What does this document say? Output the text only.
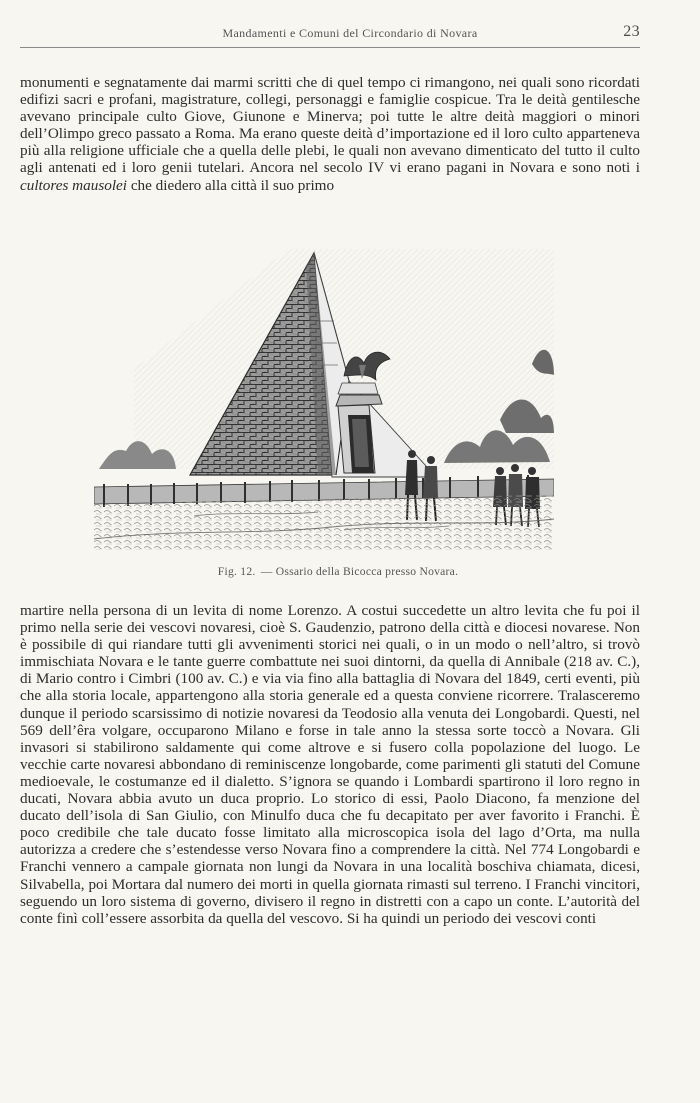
Mandamenti e Comuni del Circondario di Novara	23
monumenti e segnatamente dai marmi scritti che di quel tempo ci rimangono, nei quali sono ricordati edifizi sacri e profani, magistrature, collegi, personaggi e famiglie cospicue. Tra le deità gentilesche avevano principale culto Giove, Giunone e Minerva; poi tutte le altre deità maggiori o minori dell’Olimpo greco passato a Roma. Ma erano queste deità d’importazione ed il loro culto apparteneva più alla religione ufficiale che a quella delle plebi, le quali non avevano dimenticato del tutto il culto agli antenati ed i loro genii tutelari. Ancora nel secolo IV vi erano pagani in Novara e sono noti i cultores mausolei che diedero alla città il suo primo
Fig. 12. — Ossario della Bicocca presso Novara.
martire nella persona di un levita di nome Lorenzo. A costui succedette un altro levita che fu poi il primo nella serie dei vescovi novaresi, cioè S. Gaudenzio, patrono della città e diocesi novarese. Non è possibile di qui riandare tutti gli avvenimenti storici nei quali, o in un modo o nell’altro, si trovò immischiata Novara e le tante guerre combattute nei suoi dintorni, da quella di Annibale (218 av. C.), di Mario contro i Cimbri (100 av. C.) e via via fino alla battaglia di Novara del 1849, certi eventi, più che alla storia locale, appartengono alla storia generale ed a questa conviene ricorrere. Tralasceremo dunque il periodo scarsissimo di notizie novaresi da Teodosio alla venuta dei Longobardi. Questi, nel 569 dell’êra volgare, occuparono Milano e forse in tale anno la stessa sorte toccò a Novara. Gli invasori si stabilirono saldamente qui come altrove e si fusero colla popolazione del luogo. Le vecchie carte novaresi abbondano di reminiscenze longobarde, come parimenti gli statuti del Comune medioevale, le costumanze ed il dialetto. S’ignora se quando i Lombardi spartirono il loro regno in ducati, Novara abbia avuto un duca proprio. Lo storico di essi, Paolo Diacono, fa menzione del ducato dell’isola di San Giulio, con Minulfo duca che fu decapitato per aver favorito i Franchi. È poco credibile che tale ducato fosse limitato alla microscopica isola del lago d’Orta, ma nulla autorizza a credere che s’estendesse verso Novara fino a comprendere la città. Nel 774 Longobardi e Franchi vennero a campale giornata non lungi da Novara in una località boschiva chiamata, dicesi, Silvabella, poi Mortara dal numero dei morti in quella giornata rimasti sul terreno. I Franchi vincitori, seguendo un loro sistema di governo, divisero il regno in distretti con a capo un conte. L’autorità del conte finì coll’essere assorbita da quella del vescovo. Si ha quindi un periodo dei vescovi conti
